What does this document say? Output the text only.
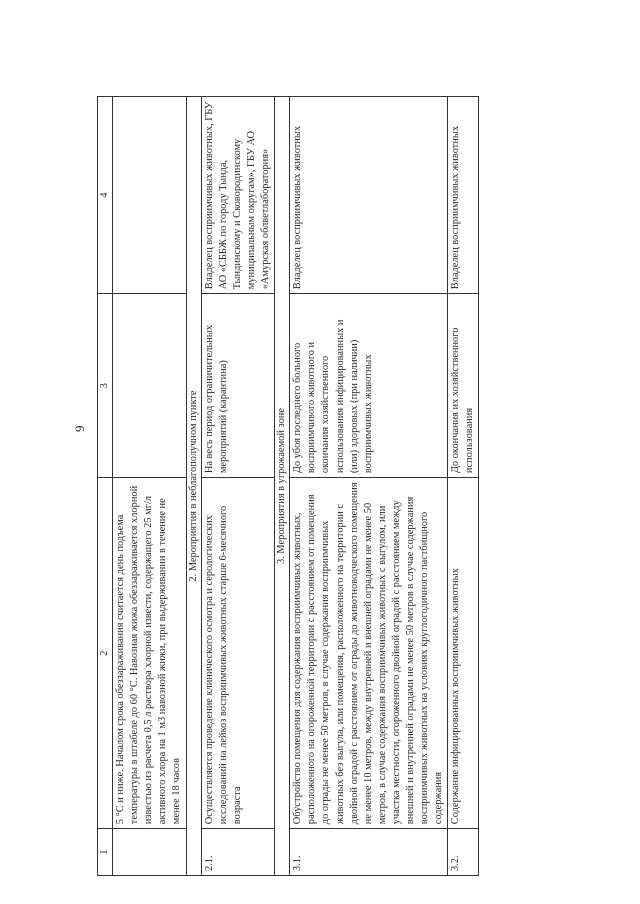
9
1	2	3	4
	5 °С и ниже. Началом срока обеззараживания считается день подъема температуры в штабеле до 60 °С. Навозная жижа обеззараживается хлорной известью из расчета 0,5 л раствора хлорной извести, содержащего 25 мг/л активного хлора на 1 м3 навозной жижи, при выдерживании в течение не менее 18 часов		
2. Мероприятия в неблагополучном пункте			
2.1.	Осуществляется проведение клинического осмотра и серологических исследований на лейкоз восприимчивых животных старше 6-месячного возраста	На весь период ограничительных мероприятий (карантина)	Владелец восприимчивых животных, ГБУ АО «СББЖ по городу Тында, Тындинскому и Сковородинскому муниципальным округам», ГБУ АО «Амурская облветлаборатория»
3. Мероприятия в угрожаемой зоне			
3.1.	Обустройство помещения для содержания восприимчивых животных, расположенного на огороженной территории с расстоянием от помещения до ограды не менее 50 метров, в случае содержания восприимчивых животных без выгула, или помещения, расположенного на территории с двойной оградой с расстоянием от ограды до животноводческого помещения не менее 10 метров, между внутренней и внешней оградами не менее 50 метров, в случае содержания восприимчивых животных с выгулом, или участка местности, огороженного двойной оградой с расстоянием между внешней и внутренней оградами не менее 50 метров в случае содержания восприимчивых животных на условиях круглогодичного пастбищного содержания	До убоя последнего больного восприимчивого животного и окончания хозяйственного использования инфицированных и (или) здоровых (при наличии) восприимчивых животных	Владелец восприимчивых животных
3.2.	Содержание инфицированных восприимчивых животных	До окончания их хозяйственного использования	Владелец восприимчивых животных
